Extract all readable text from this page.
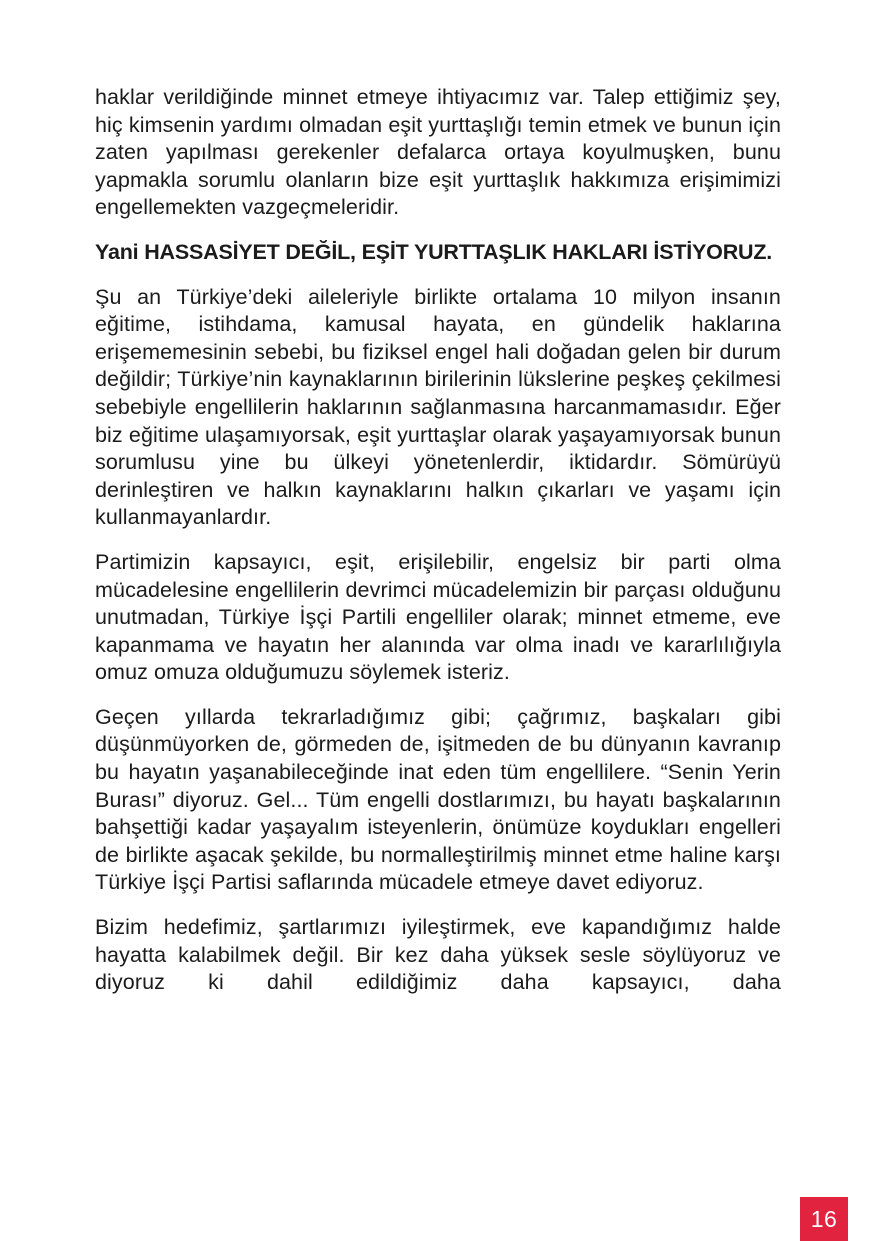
haklar verildiğinde minnet etmeye ihtiyacımız var. Talep ettiğimiz şey, hiç kimsenin yardımı olmadan eşit yurttaşlığı temin etmek ve bunun için zaten yapılması gerekenler defalarca ortaya koyulmuşken, bunu yapmakla sorumlu olanların bize eşit yurttaşlık hakkımıza erişimimizi engellemekten vazgeçmeleridir.

Yani HASSASİYET DEĞİL, EŞİT YURTTAŞLIK HAKLARI İSTİYORUZ.

Şu an Türkiye’deki aileleriyle birlikte ortalama 10 milyon insanın eğitime, istihdama, kamusal hayata, en gündelik haklarına erişememesinin sebebi, bu fiziksel engel hali doğadan gelen bir durum değildir; Türkiye’nin kaynaklarının birilerinin lükslerine peşkeş çekilmesi sebebiyle engellilerin haklarının sağlanmasına harcanmamasıdır. Eğer biz eğitime ulaşamıyorsak, eşit yurttaşlar olarak yaşayamıyorsak bunun sorumlusu yine bu ülkeyi yönetenlerdir, iktidardır. Sömürüyü derinleştiren ve halkın kaynaklarını halkın çıkarları ve yaşamı için kullanmayanlardır.

Partimizin kapsayıcı, eşit, erişilebilir, engelsiz bir parti olma mücadelesine engellilerin devrimci mücadelemizin bir parçası olduğunu unutmadan, Türkiye İşçi Partili engelliler olarak; minnet etmeme, eve kapanmama ve hayatın her alanında var olma inadı ve kararlılığıyla omuz omuza olduğumuzu söylemek isteriz.

Geçen yıllarda tekrarladığımız gibi; çağrımız, başkaları gibi düşünmüyorken de, görmeden de, işitmeden de bu dünyanın kavranıp bu hayatın yaşanabileceğinde inat eden tüm engellilere. “Senin Yerin Burası” diyoruz. Gel... Tüm engelli dostlarımızı, bu hayatı başkalarının bahşettiği kadar yaşayalım isteyenlerin, önümüze koydukları engelleri de birlikte aşacak şekilde, bu normalleştirilmiş minnet etme haline karşı Türkiye İşçi Partisi saflarında mücadele etmeye davet ediyoruz.

Bizim hedefimiz, şartlarımızı iyileştirmek, eve kapandığımız halde hayatta kalabilmek değil. Bir kez daha yüksek sesle söylüyoruz ve diyoruz ki dahil edildiğimiz daha kapsayıcı, daha

16
